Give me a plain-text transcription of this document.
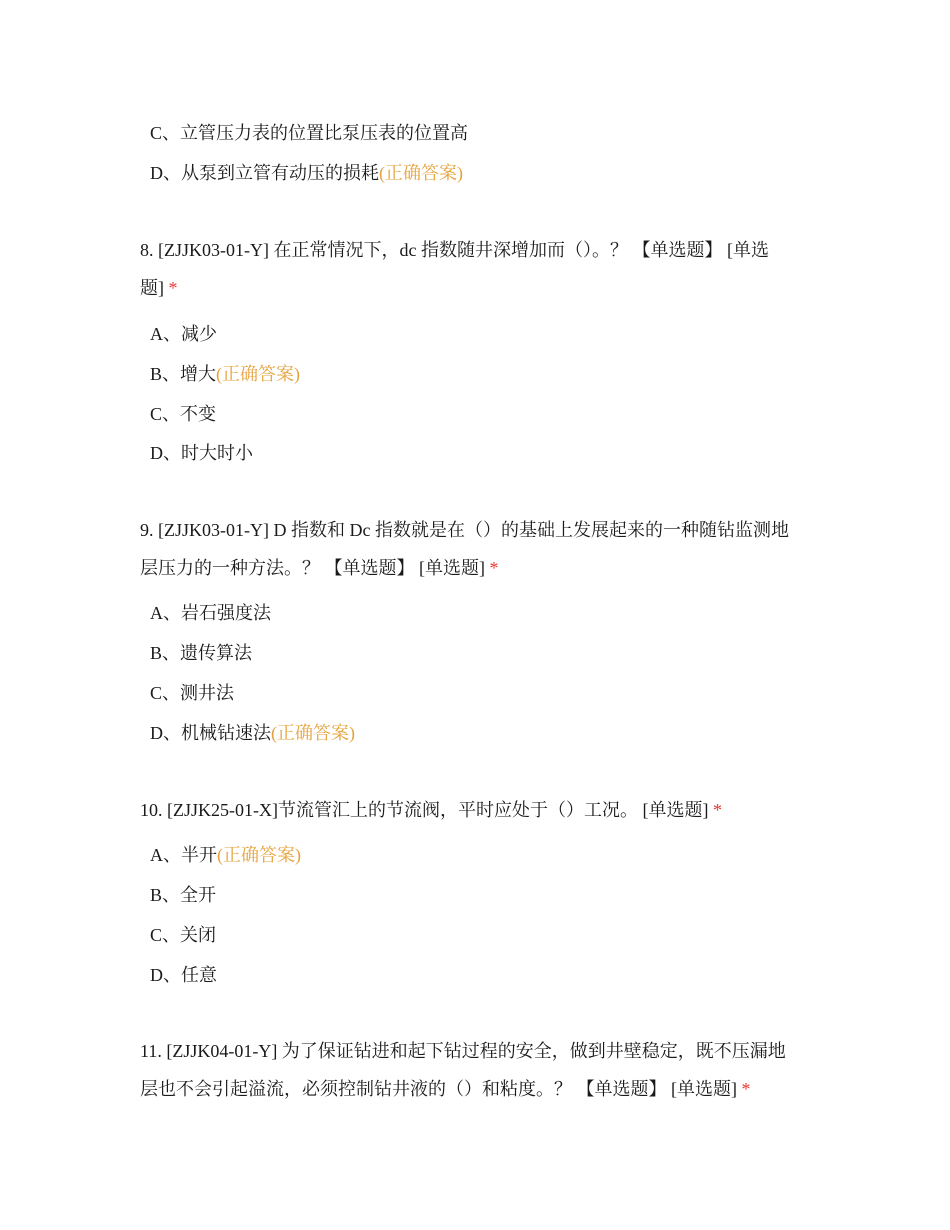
C、立管压力表的位置比泵压表的位置高
D、从泵到立管有动压的损耗(正确答案)
8. [ZJJK03-01-Y] 在正常情况下，dc 指数随井深增加而（）。？ 【单选题】 [单选
题] *
A、减少
B、增大(正确答案)
C、不变
D、时大时小
9. [ZJJK03-01-Y] D 指数和 Dc 指数就是在（）的基础上发展起来的一种随钻监测地
层压力的一种方法。？ 【单选题】 [单选题] *
A、岩石强度法
B、遗传算法
C、测井法
D、机械钻速法(正确答案)
10. [ZJJK25-01-X]节流管汇上的节流阀，平时应处于（）工况。 [单选题] *
A、半开(正确答案)
B、全开
C、关闭
D、任意
11. [ZJJK04-01-Y] 为了保证钻进和起下钻过程的安全，做到井壁稳定，既不压漏地
层也不会引起溢流，必须控制钻井液的（）和粘度。？ 【单选题】 [单选题] *
